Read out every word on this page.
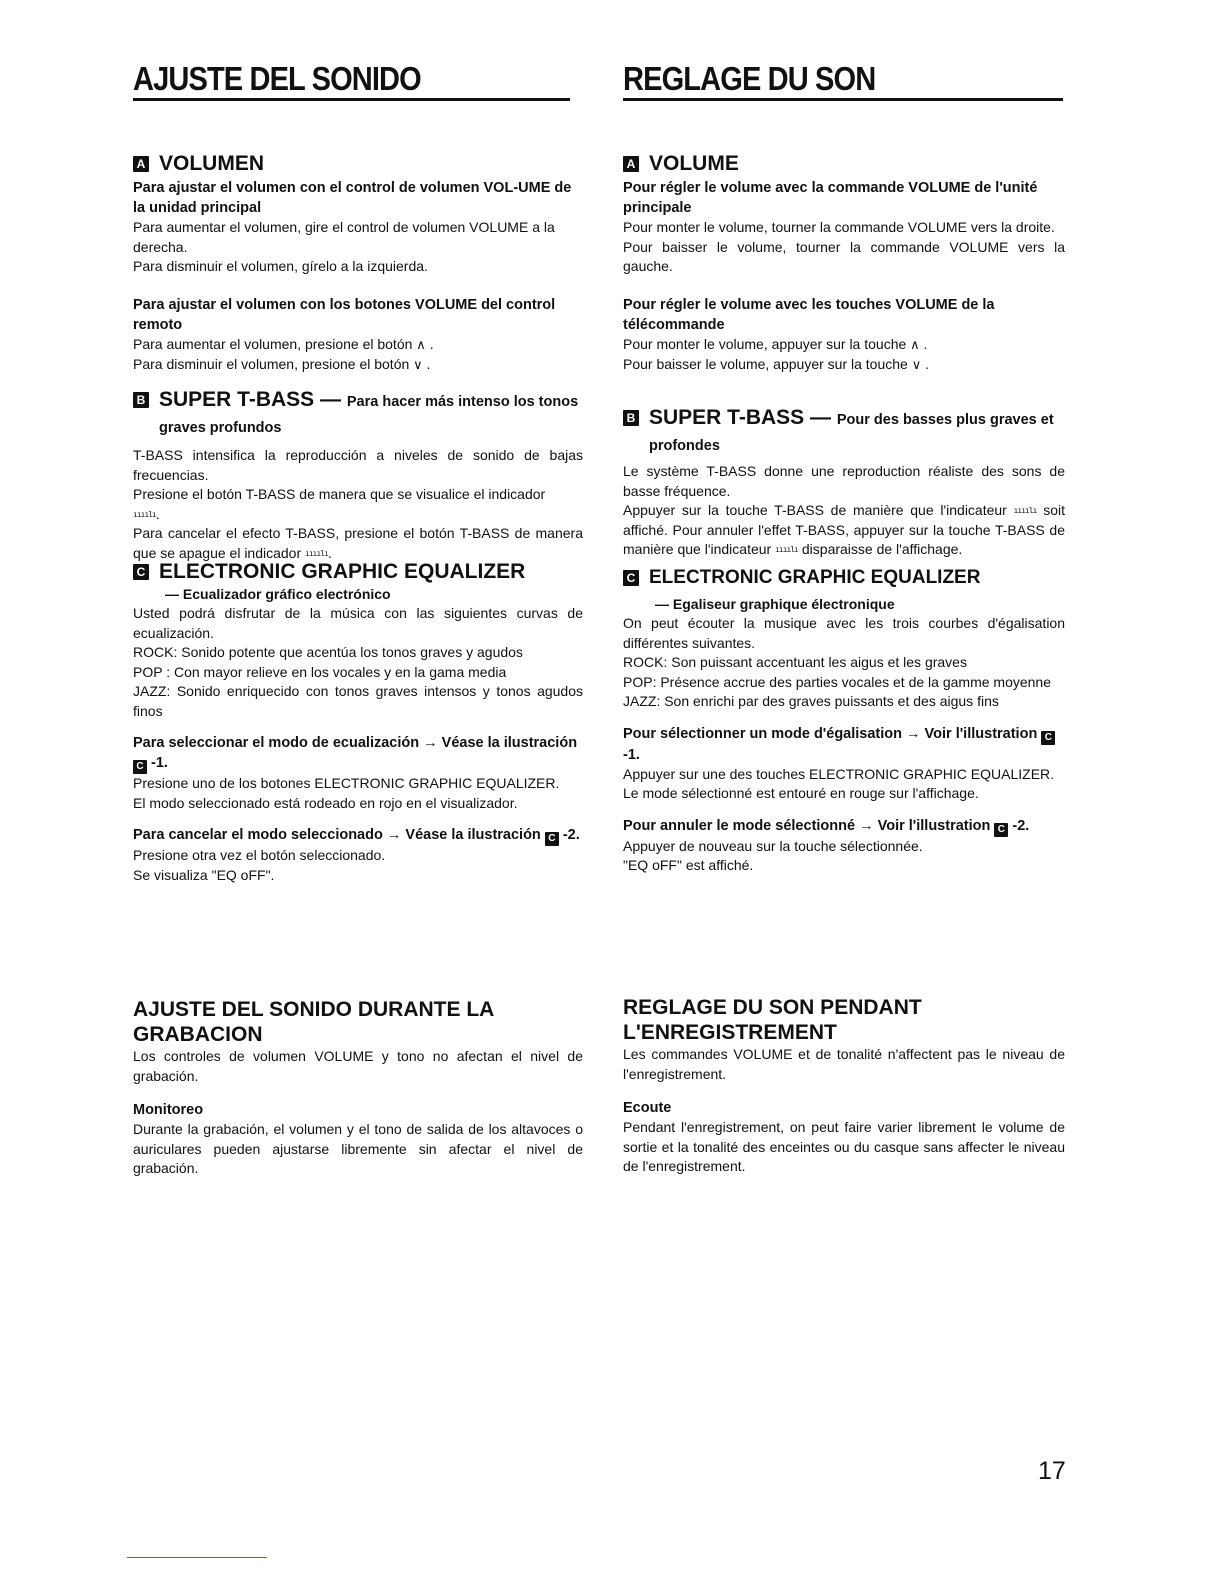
AJUSTE DEL SONIDO
A VOLUMEN
Para ajustar el volumen con el control de volumen VOL-UME de la unidad principal

Para aumentar el volumen, gire el control de volumen VOLUME a la derecha.

Para disminuir el volumen, gírelo a la izquierda.

Para ajustar el volumen con los botones VOLUME del control remoto

Para aumentar el volumen, presione el botón ∧ .

Para disminuir el volumen, presione el botón ∨ .

B SUPER T-BASS — Para hacer más intenso los tonos graves profundos

T-BASS intensifica la reproducción a niveles de sonido de bajas frecuencias.

Presione el botón T-BASS de manera que se visualice el indicador
ıııılı.

Para cancelar el efecto T-BASS, presione el botón T-BASS de manera que se apague el indicador ıııılı.

C ELECTRONIC GRAPHIC EQUALIZER
— Ecualizador gráfico electrónico

Usted podrá disfrutar de la música con las siguientes curvas de ecualización.

ROCK: Sonido potente que acentúa los tonos graves y agudos

POP : Con mayor relieve en los vocales y en la gama media

JAZZ: Sonido enriquecido con tonos graves intensos y tonos agudos finos

Para seleccionar el modo de ecualización → Véase la ilustración C -1.

Presione uno de los botones ELECTRONIC GRAPHIC EQUALIZER.

El modo seleccionado está rodeado en rojo en el visualizador.

Para cancelar el modo seleccionado → Véase la ilustración C -2.

Presione otra vez el botón seleccionado.

Se visualiza "EQ oFF".

AJUSTE DEL SONIDO DURANTE LA GRABACION

Los controles de volumen VOLUME y tono no afectan el nivel de grabación.

Monitoreo

Durante la grabación, el volumen y el tono de salida de los altavoces o auriculares pueden ajustarse libremente sin afectar el nivel de grabación.

REGLAGE DU SON
A VOLUME
Pour régler le volume avec la commande VOLUME de l'unité principale

Pour monter le volume, tourner la commande VOLUME vers la droite.

Pour baisser le volume, tourner la commande VOLUME vers la gauche.

Pour régler le volume avec les touches VOLUME de la télécommande

Pour monter le volume, appuyer sur la touche ∧ .

Pour baisser le volume, appuyer sur la touche ∨ .

B SUPER T-BASS — Pour des basses plus graves et profondes

Le système T-BASS donne une reproduction réaliste des sons de basse fréquence.

Appuyer sur la touche T-BASS de manière que l'indicateur ıııılı soit affiché. Pour annuler l'effet T-BASS, appuyer sur la touche T-BASS de manière que l'indicateur ıııılı disparaisse de l'affichage.

C ELECTRONIC GRAPHIC EQUALIZER
— Egaliseur graphique électronique

On peut écouter la musique avec les trois courbes d'égalisation différentes suivantes.

ROCK: Son puissant accentuant les aigus et les graves

POP: Présence accrue des parties vocales et de la gamme moyenne

JAZZ: Son enrichi par des graves puissants et des aigus fins

Pour sélectionner un mode d'égalisation → Voir l'illustration C-1.

Appuyer sur une des touches ELECTRONIC GRAPHIC EQUALIZER.

Le mode sélectionné est entouré en rouge sur l'affichage.

Pour annuler le mode sélectionné → Voir l'illustration C -2.

Appuyer de nouveau sur la touche sélectionnée.

"EQ oFF" est affiché.

REGLAGE DU SON PENDANT L'ENREGISTREMENT

Les commandes VOLUME et de tonalité n'affectent pas le niveau de l'enregistrement.

Ecoute

Pendant l'enregistrement, on peut faire varier librement le volume de sortie et la tonalité des enceintes ou du casque sans affecter le niveau de l'enregistrement.

17
